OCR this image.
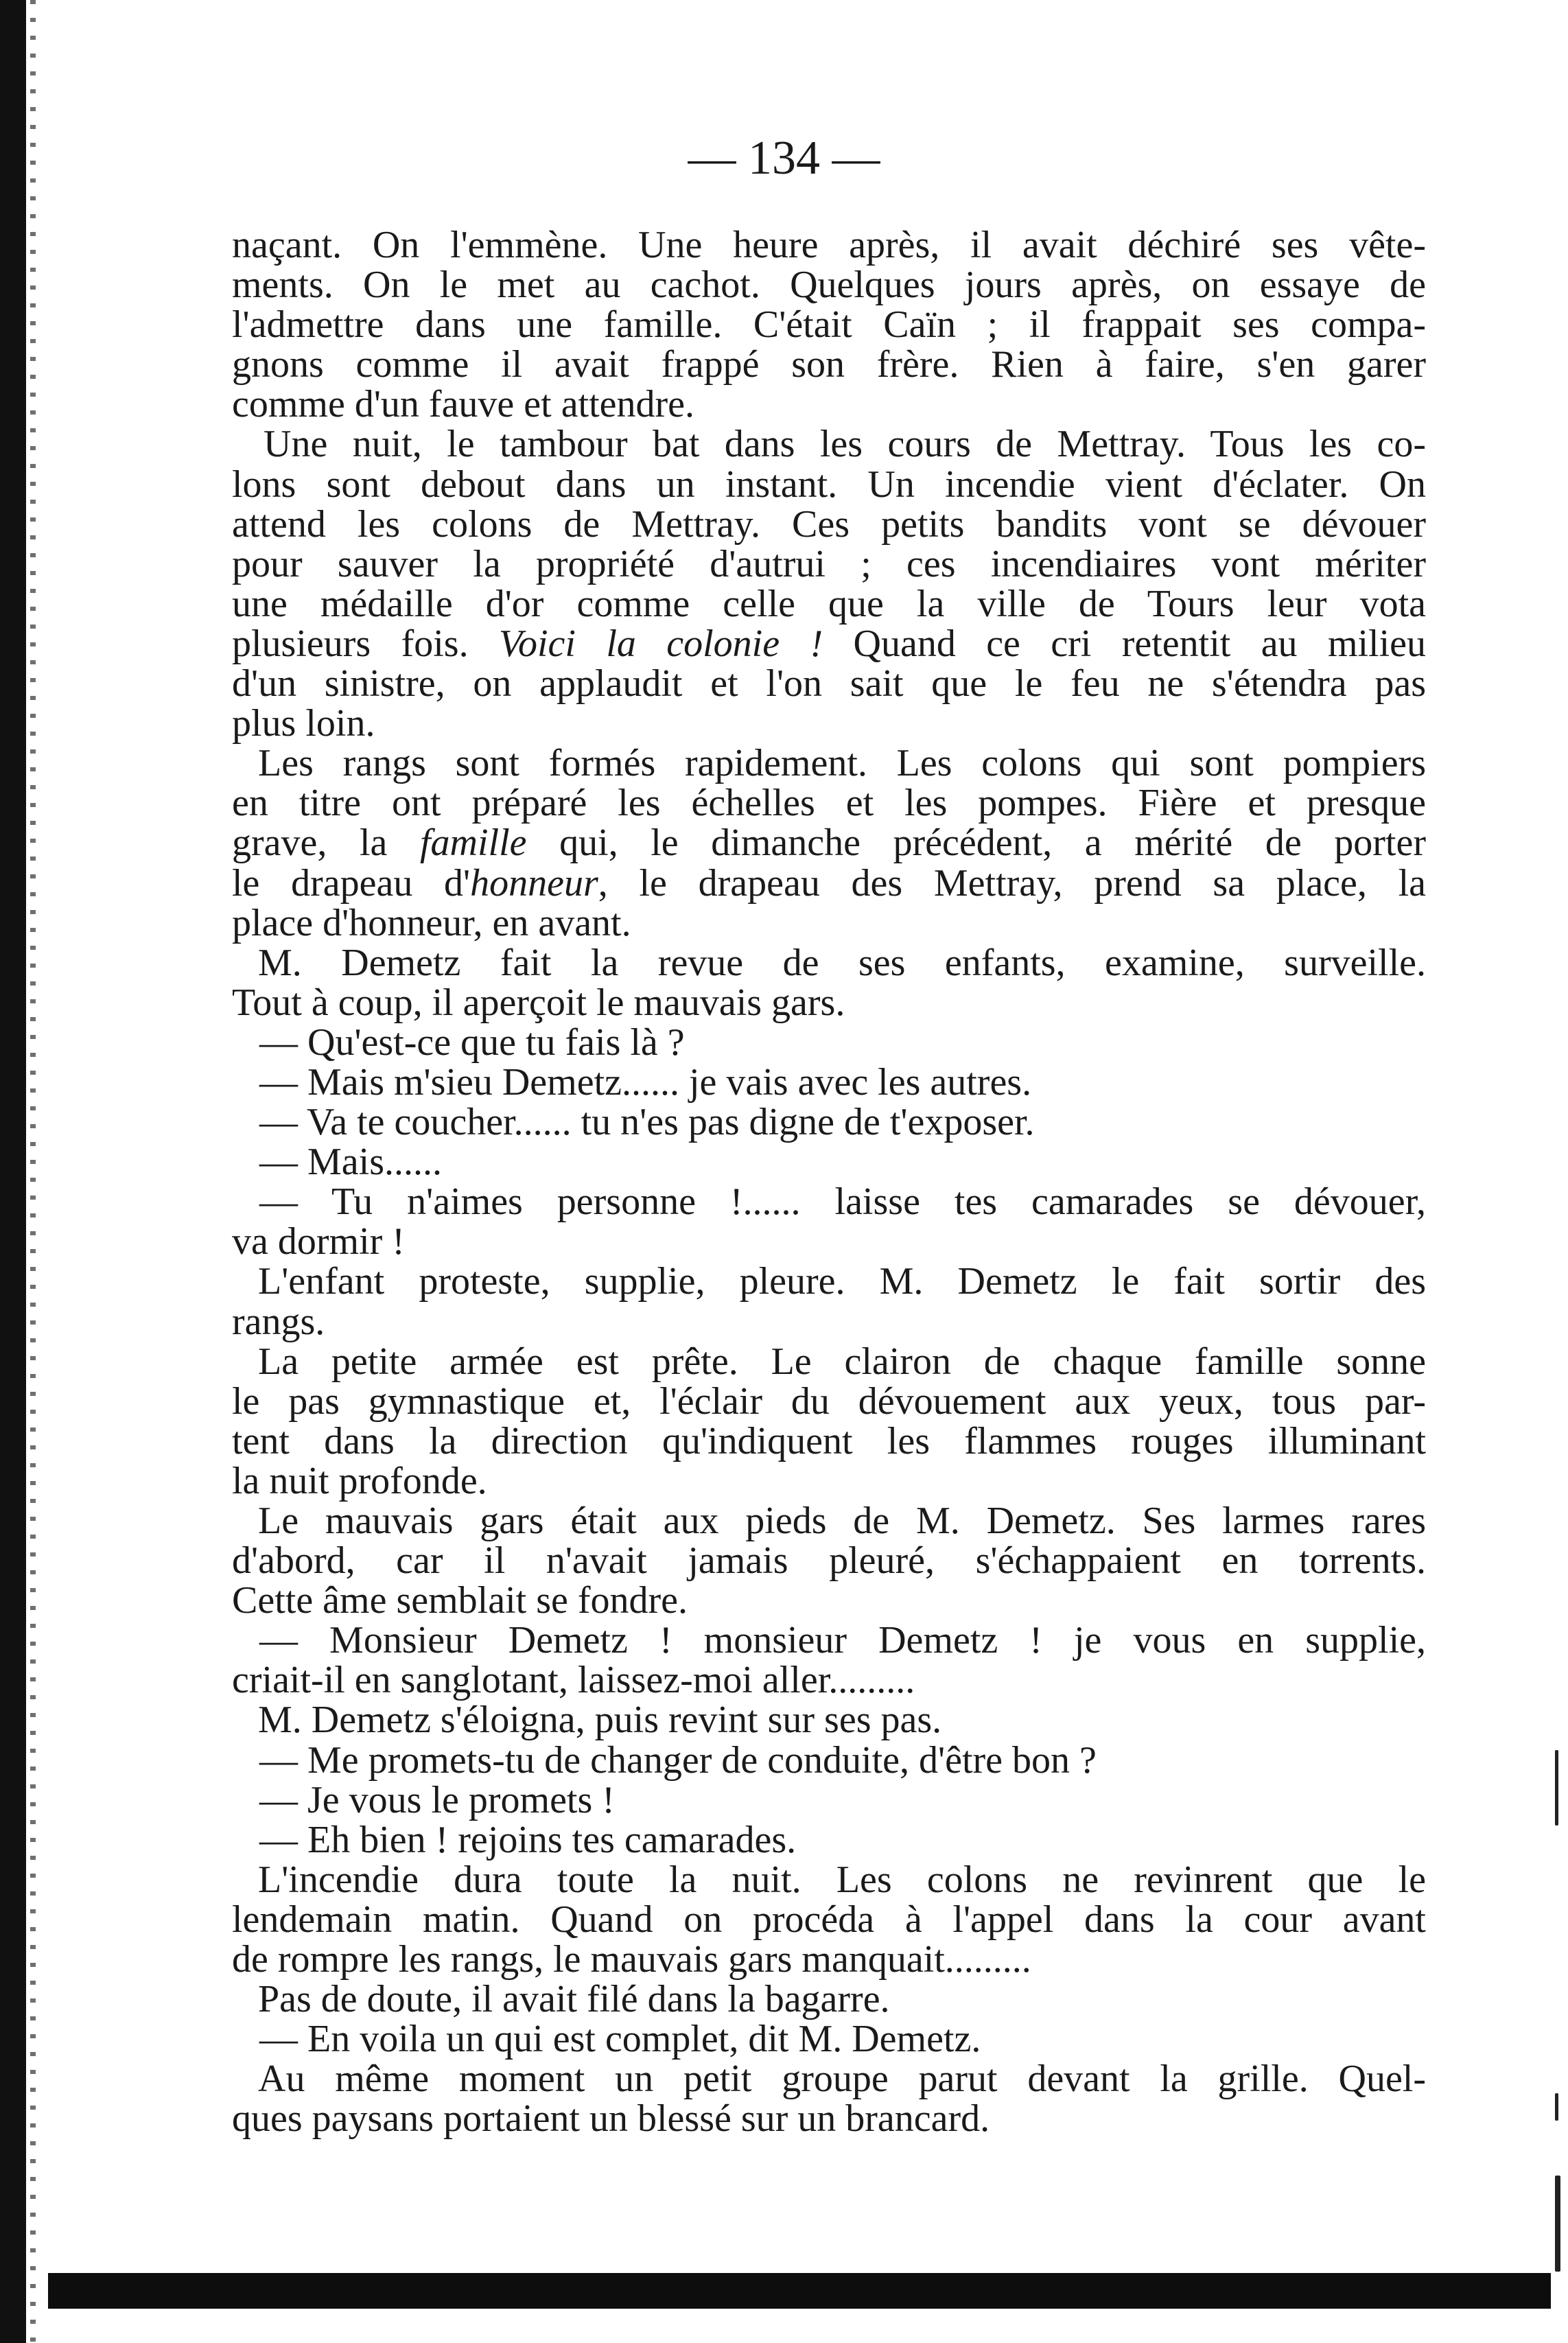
— 134 —
naçant. On l'emmène. Une heure après, il avait déchiré ses vête-
ments. On le met au cachot. Quelques jours après, on essaye de
l'admettre dans une famille. C'était Caïn ; il frappait ses compa-
gnons comme il avait frappé son frère. Rien à faire, s'en garer
comme d'un fauve et attendre.
Une nuit, le tambour bat dans les cours de Mettray. Tous les co-
lons sont debout dans un instant. Un incendie vient d'éclater. On
attend les colons de Mettray. Ces petits bandits vont se dévouer
pour sauver la propriété d'autrui ; ces incendiaires vont mériter
une médaille d'or comme celle que la ville de Tours leur vota
plusieurs fois. Voici la colonie ! Quand ce cri retentit au milieu
d'un sinistre, on applaudit et l'on sait que le feu ne s'étendra pas
plus loin.
Les rangs sont formés rapidement. Les colons qui sont pompiers
en titre ont préparé les échelles et les pompes. Fière et presque
grave, la famille qui, le dimanche précédent, a mérité de porter
le drapeau d'honneur, le drapeau des Mettray, prend sa place, la
place d'honneur, en avant.
M. Demetz fait la revue de ses enfants, examine, surveille.
Tout à coup, il aperçoit le mauvais gars.
— Qu'est-ce que tu fais là ?
— Mais m'sieu Demetz...... je vais avec les autres.
— Va te coucher...... tu n'es pas digne de t'exposer.
— Mais......
— Tu n'aimes personne !...... laisse tes camarades se dévouer,
va dormir !
L'enfant proteste, supplie, pleure. M. Demetz le fait sortir des
rangs.
La petite armée est prête. Le clairon de chaque famille sonne
le pas gymnastique et, l'éclair du dévouement aux yeux, tous par-
tent dans la direction qu'indiquent les flammes rouges illuminant
la nuit profonde.
Le mauvais gars était aux pieds de M. Demetz. Ses larmes rares
d'abord, car il n'avait jamais pleuré, s'échappaient en torrents.
Cette âme semblait se fondre.
— Monsieur Demetz ! monsieur Demetz ! je vous en supplie,
criait-il en sanglotant, laissez-moi aller.........
M. Demetz s'éloigna, puis revint sur ses pas.
— Me promets-tu de changer de conduite, d'être bon ?
— Je vous le promets !
— Eh bien ! rejoins tes camarades.
L'incendie dura toute la nuit. Les colons ne revinrent que le
lendemain matin. Quand on procéda à l'appel dans la cour avant
de rompre les rangs, le mauvais gars manquait.........
Pas de doute, il avait filé dans la bagarre.
— En voila un qui est complet, dit M. Demetz.
Au même moment un petit groupe parut devant la grille. Quel-
ques paysans portaient un blessé sur un brancard.
